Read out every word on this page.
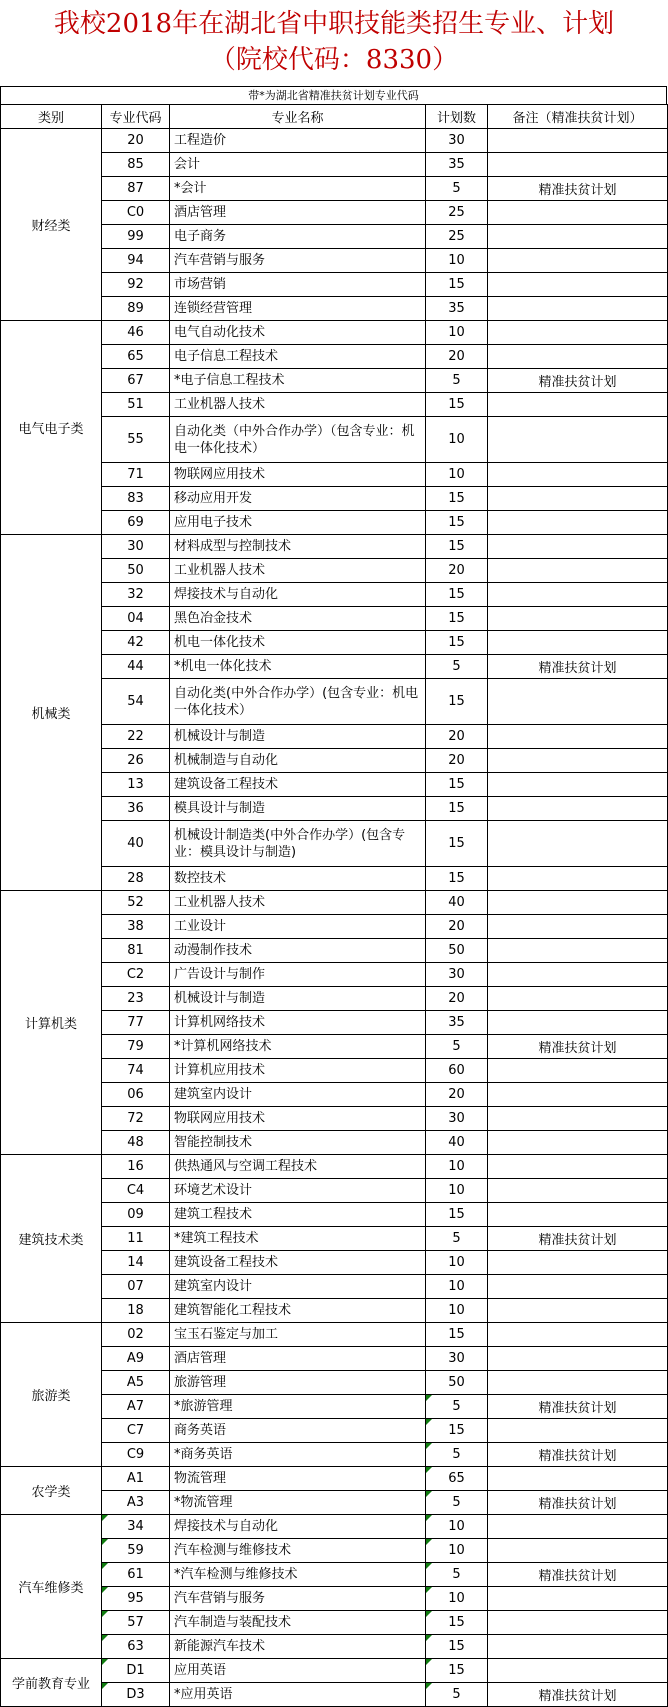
我校2018年在湖北省中职技能类招生专业、计划
（院校代码：8330）
带*为湖北省精准扶贫计划专业代码
类别	专业代码	专业名称	计划数	备注（精准扶贫计划）
财经类	20	工程造价	30	
	85	会计	35	
	87	*会计	5	精准扶贫计划
	C0	酒店管理	25	
	99	电子商务	25	
	94	汽车营销与服务	10	
	92	市场营销	15	
	89	连锁经营管理	35	
电气电子类	46	电气自动化技术	10	
	65	电子信息工程技术	20	
	67	*电子信息工程技术	5	精准扶贫计划
	51	工业机器人技术	15	
	55	自动化类（中外合作办学）（包含专业：机电一体化技术）	10	
	71	物联网应用技术	10	
	83	移动应用开发	15	
	69	应用电子技术	15	
机械类	30	材料成型与控制技术	15	
	50	工业机器人技术	20	
	32	焊接技术与自动化	15	
	04	黑色冶金技术	15	
	42	机电一体化技术	15	
	44	*机电一体化技术	5	精准扶贫计划
	54	自动化类(中外合作办学）(包含专业：机电一体化技术）	15	
	22	机械设计与制造	20	
	26	机械制造与自动化	20	
	13	建筑设备工程技术	15	
	36	模具设计与制造	15	
	40	机械设计制造类(中外合作办学）(包含专业：模具设计与制造)	15	
	28	数控技术	15	
计算机类	52	工业机器人技术	40	
	38	工业设计	20	
	81	动漫制作技术	50	
	C2	广告设计与制作	30	
	23	机械设计与制造	20	
	77	计算机网络技术	35	
	79	*计算机网络技术	5	精准扶贫计划
	74	计算机应用技术	60	
	06	建筑室内设计	20	
	72	物联网应用技术	30	
	48	智能控制技术	40	
建筑技术类	16	供热通风与空调工程技术	10	
	C4	环境艺术设计	10	
	09	建筑工程技术	15	
	11	*建筑工程技术	5	精准扶贫计划
	14	建筑设备工程技术	10	
	07	建筑室内设计	10	
	18	建筑智能化工程技术	10	
旅游类	02	宝玉石鉴定与加工	15	
	A9	酒店管理	30	
	A5	旅游管理	50	
	A7	*旅游管理	5	精准扶贫计划
	C7	商务英语	15

	C9	*商务英语	5	精准扶贫计划
农学类	A1	物流管理	65

	A3	*物流管理	5	精准扶贫计划
汽车维修类	34	焊接技术与自动化	10

	59	汽车检测与维修技术	10

	61	*汽车检测与维修技术	5	精准扶贫计划
	95	汽车营销与服务	10

	57	汽车制造与装配技术	15

	63	新能源汽车技术	15

学前教育专业	D1	应用英语	15

	D3	*应用英语	5	精准扶贫计划
